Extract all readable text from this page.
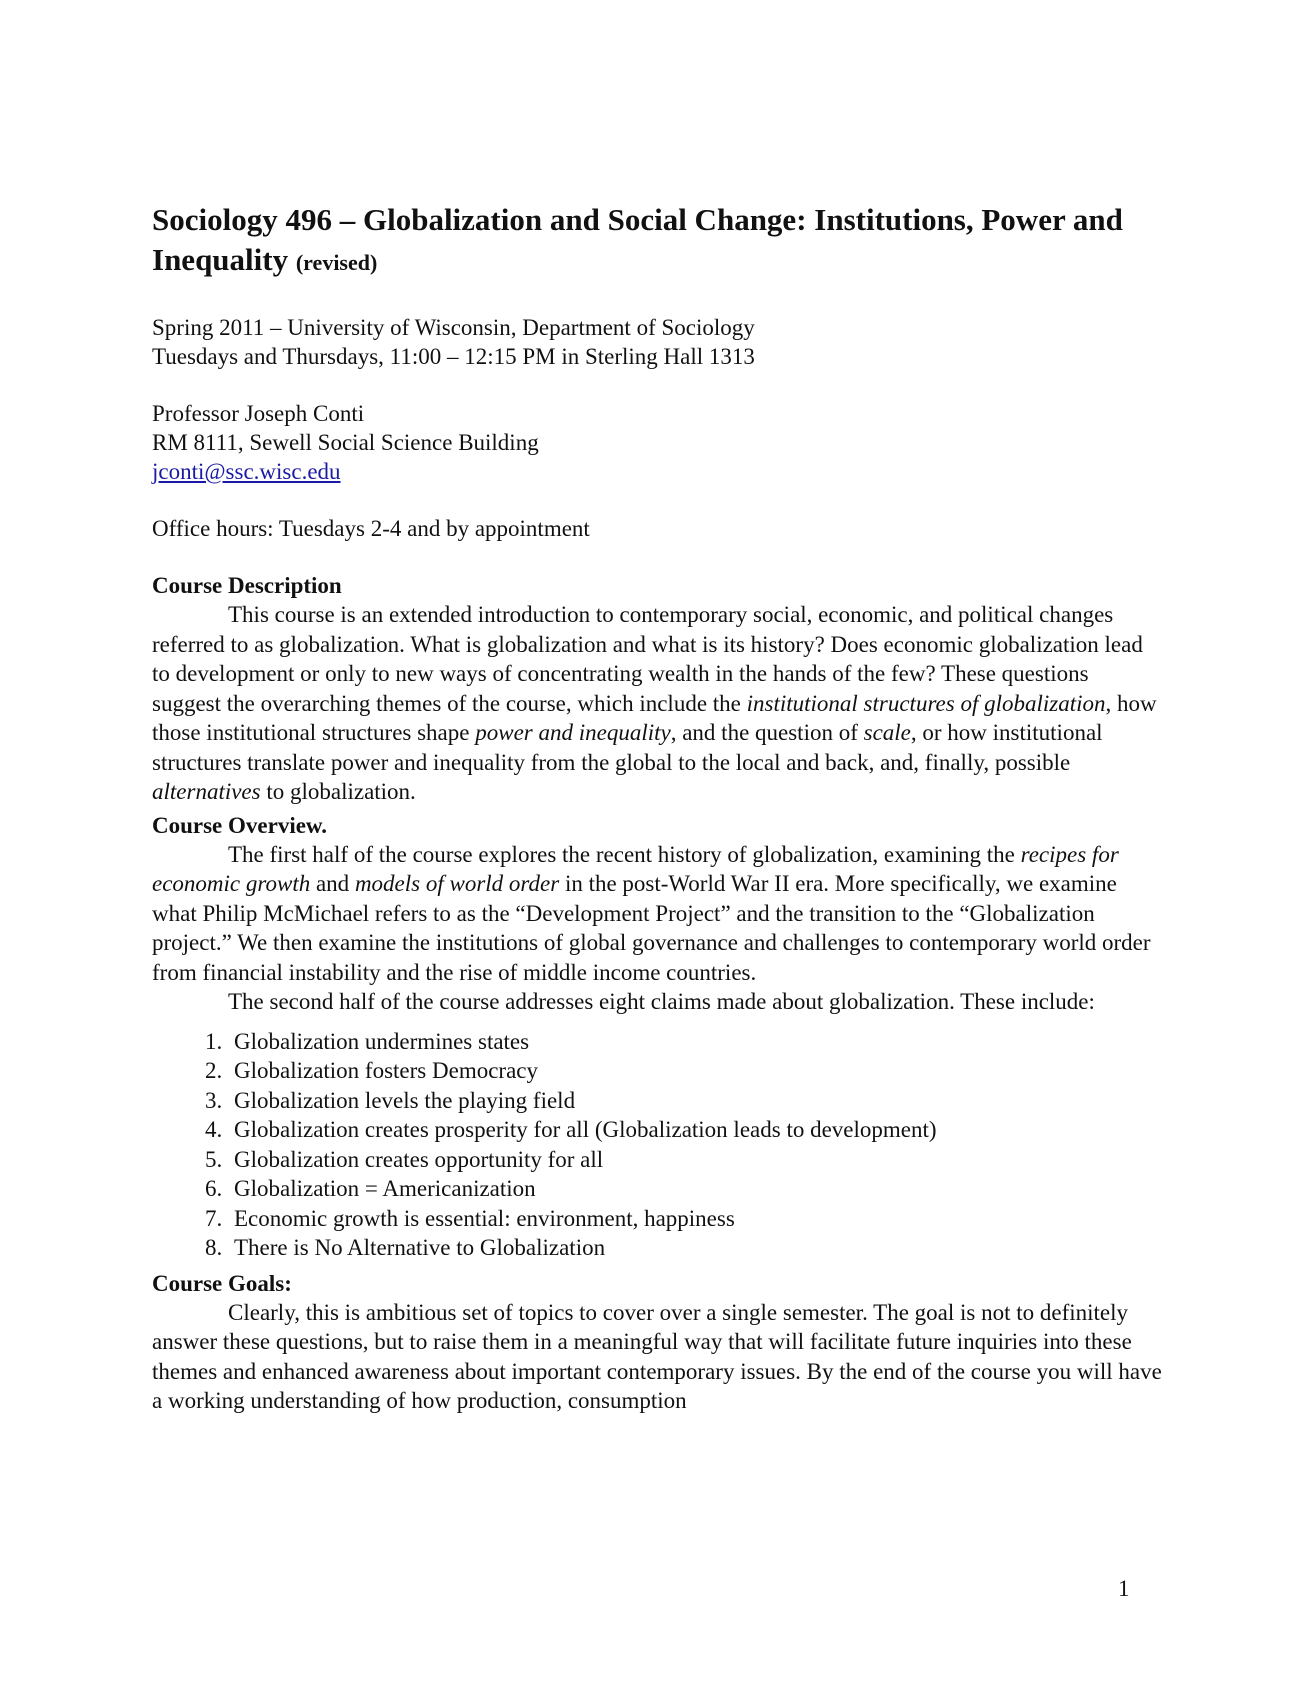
Sociology 496 – Globalization and Social Change: Institutions, Power and Inequality (revised)
Spring 2011 – University of Wisconsin, Department of Sociology
Tuesdays and Thursdays, 11:00 – 12:15 PM in Sterling Hall 1313
Professor Joseph Conti
RM 8111, Sewell Social Science Building
jconti@ssc.wisc.edu
Office hours: Tuesdays 2-4 and by appointment
Course Description

This course is an extended introduction to contemporary social, economic, and political changes referred to as globalization. What is globalization and what is its history? Does economic globalization lead to development or only to new ways of concentrating wealth in the hands of the few? These questions suggest the overarching themes of the course, which include the institutional structures of globalization, how those institutional structures shape power and inequality, and the question of scale, or how institutional structures translate power and inequality from the global to the local and back, and, finally, possible alternatives to globalization.

Course Overview.

The first half of the course explores the recent history of globalization, examining the recipes for economic growth and models of world order in the post-World War II era. More specifically, we examine what Philip McMichael refers to as the “Development Project” and the transition to the “Globalization project.” We then examine the institutions of global governance and challenges to contemporary world order from financial instability and the rise of middle income countries.

The second half of the course addresses eight claims made about globalization. These include:

1. Globalization undermines states
2. Globalization fosters Democracy
3. Globalization levels the playing field
4. Globalization creates prosperity for all (Globalization leads to development)
5. Globalization creates opportunity for all
6. Globalization = Americanization
7. Economic growth is essential: environment, happiness
8. There is No Alternative to Globalization
Course Goals:

Clearly, this is ambitious set of topics to cover over a single semester. The goal is not to definitely answer these questions, but to raise them in a meaningful way that will facilitate future inquiries into these themes and enhanced awareness about important contemporary issues. By the end of the course you will have a working understanding of how production, consumption

1
